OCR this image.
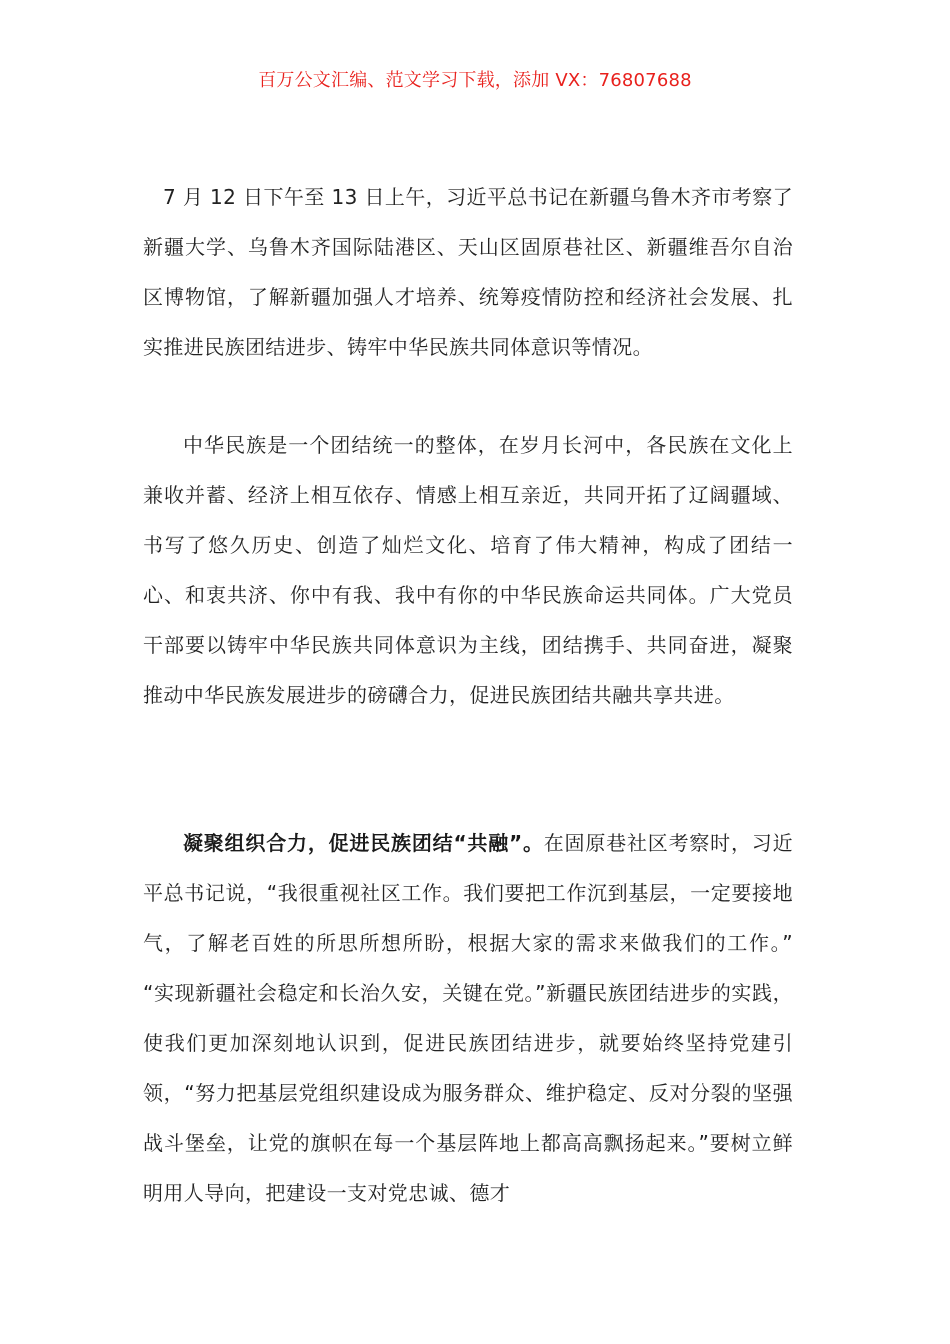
百万公文汇编、范文学习下载，添加 VX：76807688

7 月 12 日下午至 13 日上午，习近平总书记在新疆乌鲁木齐市考察了新疆大学、乌鲁木齐国际陆港区、天山区固原巷社区、新疆维吾尔自治区博物馆，了解新疆加强人才培养、统筹疫情防控和经济社会发展、扎实推进民族团结进步、铸牢中华民族共同体意识等情况。

中华民族是一个团结统一的整体，在岁月长河中，各民族在文化上兼收并蓄、经济上相互依存、情感上相互亲近，共同开拓了辽阔疆域、书写了悠久历史、创造了灿烂文化、培育了伟大精神，构成了团结一心、和衷共济、你中有我、我中有你的中华民族命运共同体。广大党员干部要以铸牢中华民族共同体意识为主线，团结携手、共同奋进，凝聚推动中华民族发展进步的磅礴合力，促进民族团结共融共享共进。

凝聚组织合力，促进民族团结“共融”。在固原巷社区考察时，习近平总书记说，“我很重视社区工作。我们要把工作沉到基层，一定要接地气，了解老百姓的所思所想所盼，根据大家的需求来做我们的工作。” “实现新疆社会稳定和长治久安，关键在党。”新疆民族团结进步的实践，使我们更加深刻地认识到，促进民族团结进步，就要始终坚持党建引领，“努力把基层党组织建设成为服务群众、维护稳定、反对分裂的坚强战斗堡垒，让党的旗帜在每一个基层阵地上都高高飘扬起来。”要树立鲜明用人导向，把建设一支对党忠诚、德才
